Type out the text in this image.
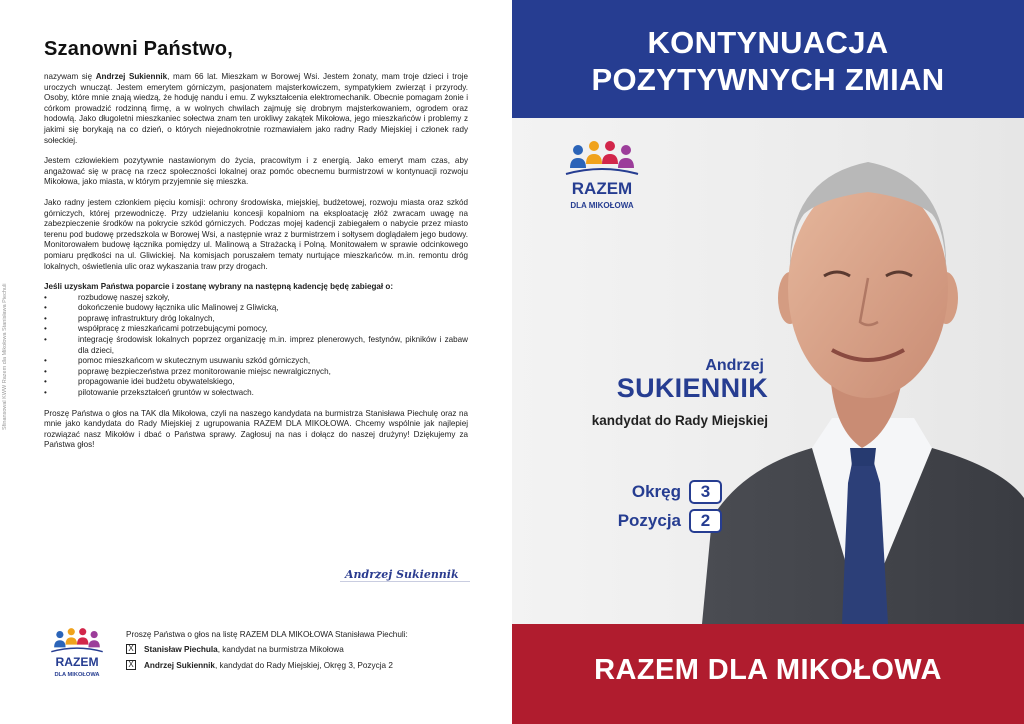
Sfinansowal KWW Razem dla Mikołowa Stanisława Piechuli
Szanowni Państwo,

nazywam się Andrzej Sukiennik, mam 66 lat. Mieszkam w Borowej Wsi. Jestem żonaty, mam troje dzieci i troje uroczych wnucząt. Jestem emerytem górniczym, pasjonatem majsterkowiczem, sympatykiem zwierząt i przyrody. Osoby, które mnie znają wiedzą, że hoduję nandu i emu. Z wykształcenia elektromechanik. Obecnie pomagam żonie i córkom prowadzić rodzinną firmę, a w wolnych chwilach zajmuję się drobnym majsterkowaniem, ogrodem oraz hodowlą. Jako długoletni mieszkaniec sołectwa znam ten urokliwy zakątek Mikołowa, jego mieszkańców i problemy z jakimi się borykają na co dzień, o których niejednokrotnie rozmawiałem jako radny Rady Miejskiej i członek rady sołeckiej.

Jestem człowiekiem pozytywnie nastawionym do życia, pracowitym i z energią. Jako emeryt mam czas, aby angażować się w pracę na rzecz społeczności lokalnej oraz pomóc obecnemu burmistrzowi w kontynuacji rozwoju Mikołowa, jako miasta, w którym przyjemnie się mieszka.

Jako radny jestem członkiem pięciu komisji: ochrony środowiska, miejskiej, budżetowej, rozwoju miasta oraz szkód górniczych, której przewodniczę. Przy udzielaniu koncesji kopalniom na eksploatację złóż zwracam uwagę na zabezpieczenie środków na pokrycie szkód górniczych. Podczas mojej kadencji zabiegałem o nabycie przez miasto terenu pod budowę przedszkola w Borowej Wsi, a następnie wraz z burmistrzem i sołtysem doglądałem jego budowy. Monitorowałem budowę łącznika pomiędzy ul. Malinową a Strażacką i Polną. Monitowałem w sprawie odcinkowego pomiaru prędkości na ul. Gliwickiej. Na komisjach poruszałem tematy nurtujące mieszkańców. m.in. remontu dróg lokalnych, oświetlenia ulic oraz wykaszania traw przy drogach.

Jeśli uzyskam Państwa poparcie i zostanę wybrany na następną kadencję będę zabiegał o:
• rozbudowę naszej szkoły,
• dokończenie budowy łącznika ulic Malinowej z Gliwicką,
• poprawę infrastruktury dróg lokalnych,
• współpracę z mieszkańcami potrzebującymi pomocy,
• integrację środowisk lokalnych poprzez organizację m.in. imprez plenerowych, festynów, pikników i zabaw dla dzieci,
• pomoc mieszkańcom w skutecznym usuwaniu szkód górniczych,
• poprawę bezpieczeństwa przez monitorowanie miejsc newralgicznych,
• propagowanie idei budżetu obywatelskiego,
• pilotowanie przekształceń gruntów w sołectwach.

Proszę Państwa o głos na TAK dla Mikołowa, czyli na naszego kandydata na burmistrza Stanisława Piechulę oraz na mnie jako kandydata do Rady Miejskiej z ugrupowania RAZEM DLA MIKOŁOWA. Chcemy wspólnie jak najlepiej rozwiązać nasz Mikołów i dbać o Państwa sprawy. Zagłosuj na nas i dołącz do naszej drużyny! Dziękujemy za Państwa głos!

Andrzej Sukiennik
RAZEM
DLA MIKOŁOWA
Proszę Państwa o głos na listę RAZEM DLA MIKOŁOWA Stanisława Piechuli:
X Stanisław Piechula, kandydat na burmistrza Mikołowa
X Andrzej Sukiennik, kandydat do Rady Miejskiej, Okręg 3, Pozycja 2
KONTYNUACJA
POZYTYWNYCH ZMIAN
RAZEM
DLA MIKOŁOWA
Andrzej
SUKIENNIK
kandydat do Rady Miejskiej
Okręg	3
Pozycja	2
RAZEM DLA MIKOŁOWA
